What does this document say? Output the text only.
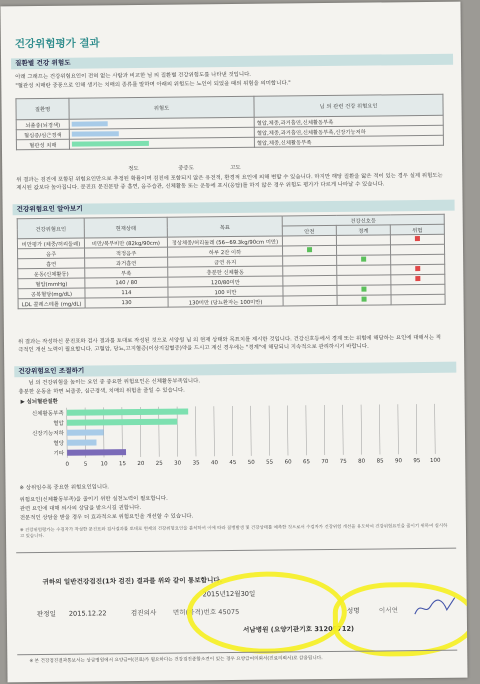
건강위험평가 결과
질환별 건강 위험도
아래 그래프는 건강위험요인이 전혀 없는 사람과 비교한 님 의 질환별 건강위험도를 나타낸 것입니다.
"혈관성 치매란 중풍으로 인해 생기는 치매의 종류를 말하며 아래의 위험도는 노인이 되었을 때의 위험을 의미합니다."
질환명	위험도	님 의 관련 건강 위험요인
뇌졸중(뇌경색)		혈압,체중,과거흡연,신체활동부족
혈심증/심근경색		혈압,체중,과거흡연,신체활동부족,신장기능저하
혈관성 치매		혈압,체중,신체활동부족
정도	중증도	고도
위 결과는 검진에 포함된 위험요인만으로 추정된 확률이며 검진에 포함되지 않은 유전적, 환경적 요인에 의해 변할 수 있습니다. 하지만 해당 질환을 앓은 적이 있는 경우 실제 위험도는 제시된 값보다 높아집니다. 문진표 문진문항 중 흡연, 음주습관, 신체활동 또는 운동에 표시(응답)를 하지 않은 경우 위험도 평가가 다르게 나타날 수 있습니다.
건강위험요인 알아보기
건강위험요인	현재상태	목표	건강신호등		
			안전	경계	위험
비만평가 (체중/허리둘레)	비만/복부비만 (82kg/90cm)	정상체중/허리둘레 (56~69.3kg/90cm 미만)			
음주	적정음주	하루 2잔 이하			
흡연	과거흡연	금연 유지			
운동(신체활동)	부족	충분한 신체활동			
혈압(mmHg)	140 / 80	120/80미만			
공복혈당(mg/dL)	114	100 미만			
LDL 콜레스테롤 (mg/dL)	130	130미만 (당뇨환자는 100미만)			
위 결과는 작성하신 문진표와 검사 결과를 토대로 작성된 것으로 서양원 님 의 현재 상태와 목표치를 제시한 것입니다. 건강신호등에서 경계 또는 위험에 해당하는 요인에 대해서는 적극적인 개선 노력이 필요합니다. 고혈압, 당뇨,고지혈증(이상지질혈증)약을 드시고 계신 경우에는 "경계"에 해당되니 지속적으로 관리하시기 바랍니다.
건강위험요인 조절하기
님 의 건강위험을 높이는 요인 중 중요한 위험요인은 신체활동부족입니다.
충분한 운동을 하면 뇌졸중, 심근경색, 치매의 위험을 줄일 수 있습니다.
▶ 심뇌혈관질환
0	5 10 15 20 25 30 35 40 45 50 55 60 65 70 75 80 85 90 95 100
신체활동부족
혈압
신장기능저하
혈당
기타
※ 상위임수록 중요한 위험요인입니다.
위험요인(신체활동부족)을 줄이기 위한 실천노력이 필요합니다.
관련 요인에 대해 의사의 상담을 받으시길 권합니다.
전문적인 상담을 받을 경우 더 효과적으로 위험요인을 개선할 수 있습니다.
※ 건강위험평가는 수검자가 작성한 문진표와 검사결과를 토대로 현재의 건강위험요인을 분석하여 이에 따라 질병발생 및 건강상태를 예측한 것으로서 수검자가 건강위험 개선을 유도하여 건강위험요인을 줄이기 위하여 실시하고 있습니다.
귀하의 일반건강검진(1차 검진) 결과를 위와 같이 통보합니다.
2015년12월30일
판정일 2015.12.22	검진의사 면허(자격)번호 45075	성명	이서연
서남병원 (요양기관기호 31205712)
※ 본 건강검진결과통보서는 상급병원에서 요양급여(진료)가 필요하다는 건강검진종합소견이 있는 경우 요양급여의뢰서(진료의뢰서)로 갈음됩니다.
